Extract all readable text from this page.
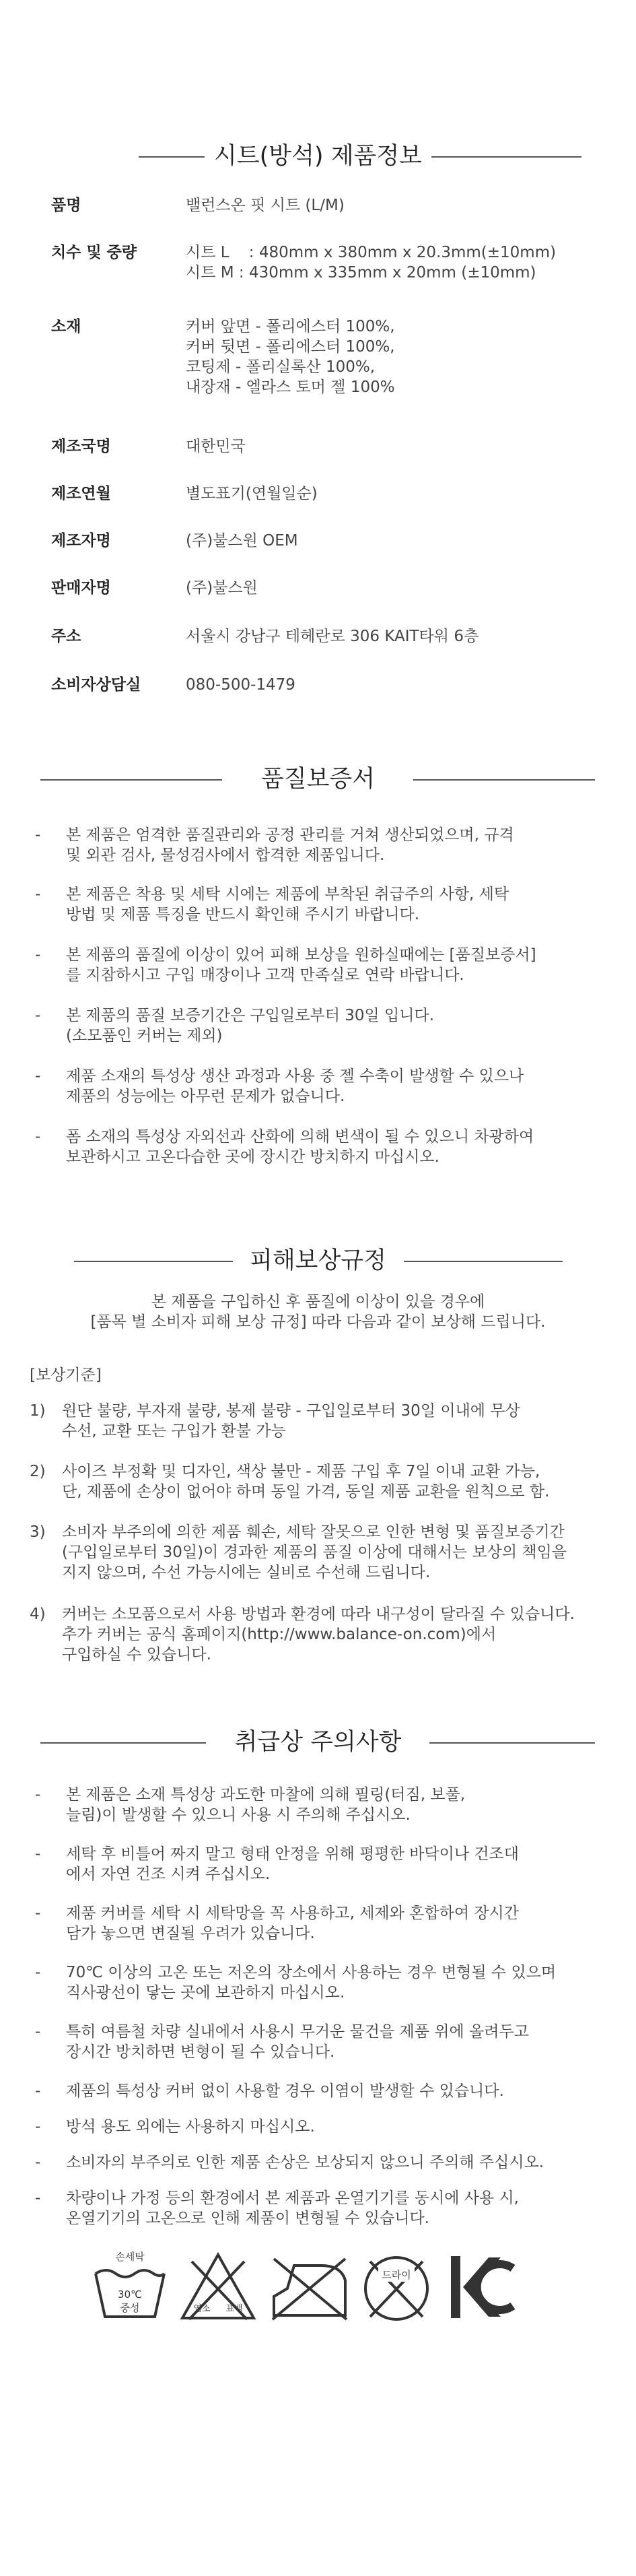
시트(방석) 제품정보
품명	밸런스온 핏 시트 (L/M)
치수 및 중량	시트 L    : 480mm x 380mm x 20.3mm(±10mm)
시트 M : 430mm x 335mm x 20mm (±10mm)
소재	커버 앞면 - 폴리에스터 100%,
커버 뒷면 - 폴리에스터 100%,
코팅제 - 폴리실록산 100%,
내장재 - 엘라스 토머 젤 100%
제조국명	대한민국
제조연월	별도표기(연월일순)
제조자명	(주)불스원 OEM
판매자명	(주)불스원
주소	서울시 강남구 테헤란로 306 KAIT타워 6층
소비자상담실	080-500-1479
품질보증서
- 본 제품은 엄격한 품질관리와 공정 관리를 거쳐 생산되었으며, 규격
및 외관 검사, 물성검사에서 합격한 제품입니다.
- 본 제품은 착용 및 세탁 시에는 제품에 부착된 취급주의 사항, 세탁
방법 및 제품 특징을 반드시 확인해 주시기 바랍니다.
- 본 제품의 품질에 이상이 있어 피해 보상을 원하실때에는 [품질보증서]
를 지참하시고 구입 매장이나 고객 만족실로 연락 바랍니다.
- 본 제품의 품질 보증기간은 구입일로부터 30일 입니다.
(소모품인 커버는 제외)
- 제품 소재의 특성상 생산 과정과 사용 중 젤 수축이 발생할 수 있으나
제품의 성능에는 아무런 문제가 없습니다.
- 폼 소재의 특성상 자외선과 산화에 의해 변색이 될 수 있으니 차광하여
보관하시고 고온다습한 곳에 장시간 방치하지 마십시오.
피해보상규정
본 제품을 구입하신 후 품질에 이상이 있을 경우에
[품목 별 소비자 피해 보상 규정] 따라 다음과 같이 보상해 드립니다.
[보상기준]
1) 원단 불량, 부자재 불량, 봉제 불량 - 구입일로부터 30일 이내에 무상
수선, 교환 또는 구입가 환불 가능
2) 사이즈 부정확 및 디자인, 색상 불만 - 제품 구입 후 7일 이내 교환 가능,
단, 제품에 손상이 없어야 하며 동일 가격, 동일 제품 교환을 원칙으로 함.
3) 소비자 부주의에 의한 제품 훼손, 세탁 잘못으로 인한 변형 및 품질보증기간
(구입일로부터 30일)이 경과한 제품의 품질 이상에 대해서는 보상의 책임을
지지 않으며, 수선 가능시에는 실비로 수선해 드립니다.
4) 커버는 소모품으로서 사용 방법과 환경에 따라 내구성이 달라질 수 있습니다.
추가 커버는 공식 홈페이지(http://www.balance-on.com)에서
구입하실 수 있습니다.
취급상 주의사항
- 본 제품은 소재 특성상 과도한 마찰에 의해 필링(터짐, 보풀,
늘림)이 발생할 수 있으니 사용 시 주의해 주십시오.
- 세탁 후 비틀어 짜지 말고 형태 안정을 위해 평평한 바닥이나 건조대
에서 자연 건조 시켜 주십시오.
- 제품 커버를 세탁 시 세탁망을 꼭 사용하고, 세제와 혼합하여 장시간
담가 놓으면 변질될 우려가 있습니다.
- 70℃ 이상의 고온 또는 저온의 장소에서 사용하는 경우 변형될 수 있으며
직사광선이 닿는 곳에 보관하지 마십시오.
- 특히 여름철 차량 실내에서 사용시 무거운 물건을 제품 위에 올려두고
장시간 방치하면 변형이 될 수 있습니다.
- 제품의 특성상 커버 없이 사용할 경우 이염이 발생할 수 있습니다.
- 방석 용도 외에는 사용하지 마십시오.
- 소비자의 부주의로 인한 제품 손상은 보상되지 않으니 주의해 주십시오.
- 차량이나 가정 등의 환경에서 본 제품과 온열기기를 동시에 사용 시,
온열기기의 고온으로 인해 제품이 변형될 수 있습니다.
손세탁
30℃
중성	염소 표백
드라이
